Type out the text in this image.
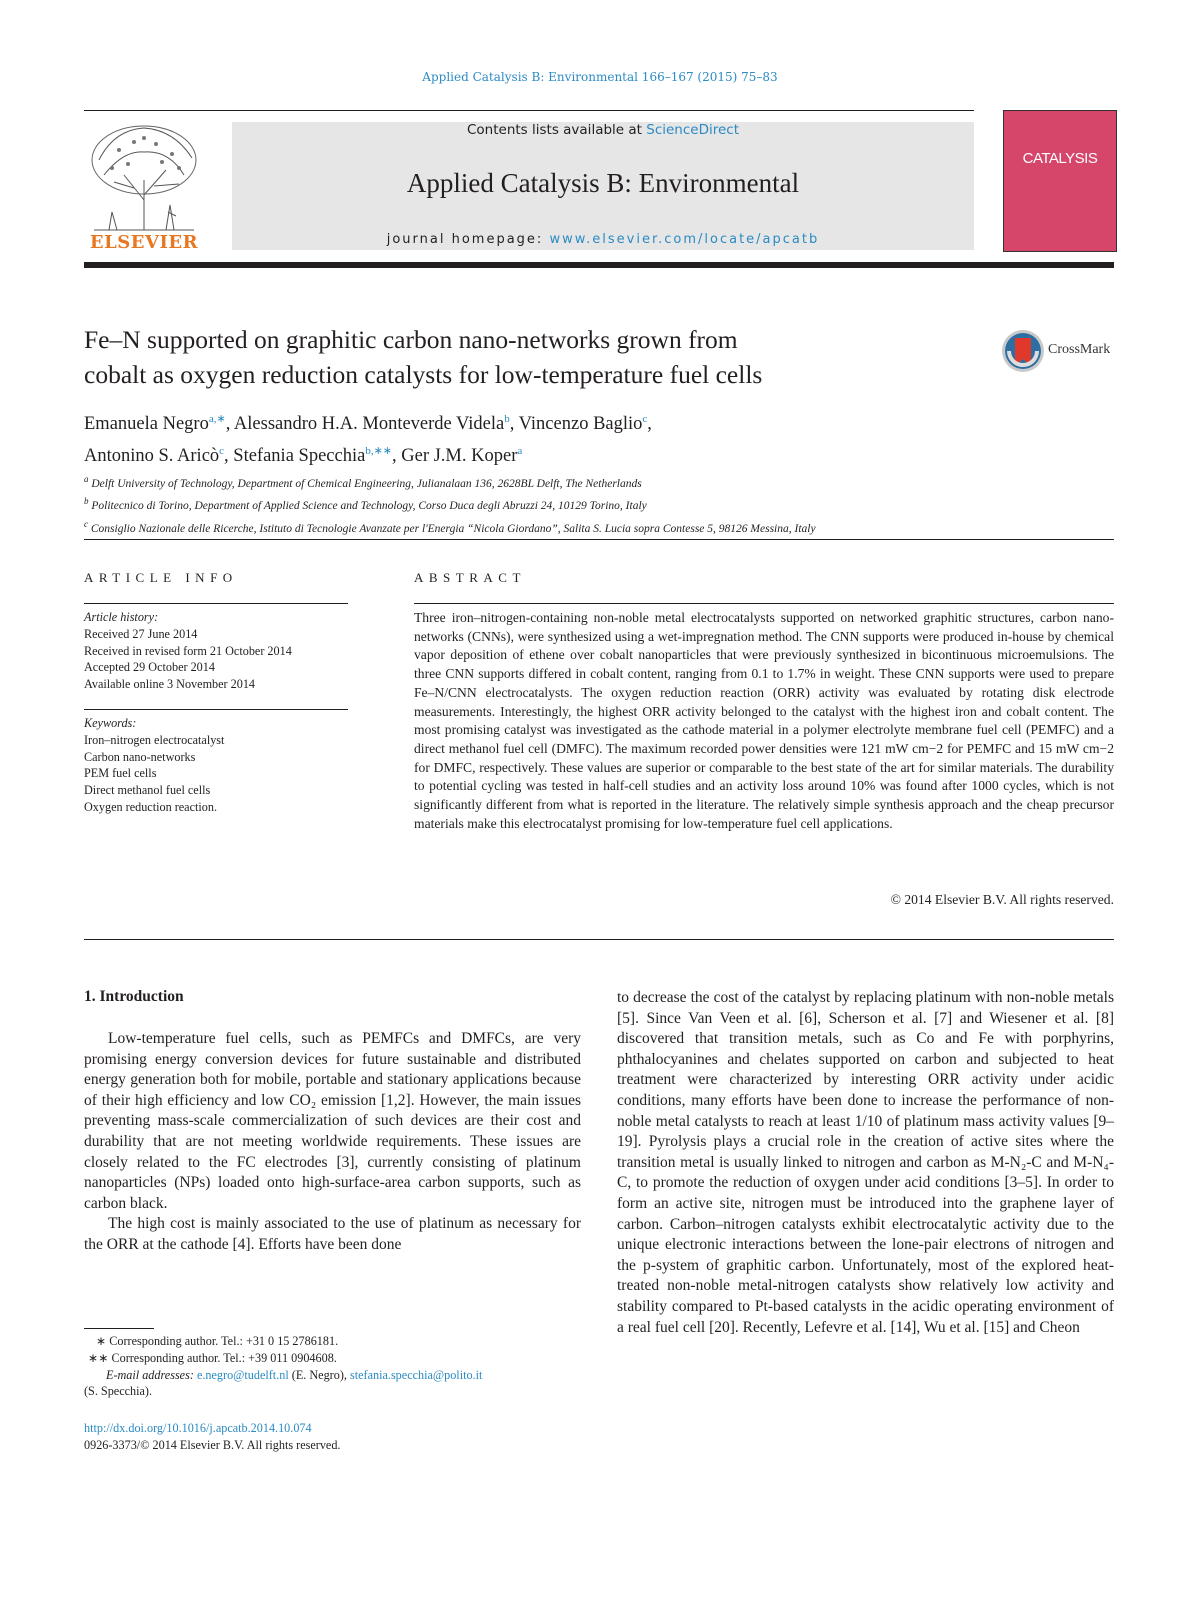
Applied Catalysis B: Environmental 166–167 (2015) 75–83
ELSEVIER
Contents lists available at ScienceDirect
Applied Catalysis B: Environmental
journal homepage: www.elsevier.com/locate/apcatb
CATALYSIS
Fe–N supported on graphitic carbon nano-networks grown from
cobalt as oxygen reduction catalysts for low-temperature fuel cells
CrossMark
Emanuela Negro$^{a,∗}$, Alessandro H.A. Monteverde Videla$^b$, Vincenzo Baglio$^c$,
Antonino S. Aricò$^c$, Stefania Specchia$^{b,∗∗}$, Ger J.M. Koper$^a$
$^a$ Delft University of Technology, Department of Chemical Engineering, Julianalaan 136, 2628BL Delft, The Netherlands
$^b$ Politecnico di Torino, Department of Applied Science and Technology, Corso Duca degli Abruzzi 24, 10129 Torino, Italy
$^c$ Consiglio Nazionale delle Ricerche, Istituto di Tecnologie Avanzate per l'Energia “Nicola Giordano”, Salita S. Lucia sopra Contesse 5, 98126 Messina, Italy
ARTICLE INFO	ABSTRACT
Article history:
Received 27 June 2014
Received in revised form 21 October 2014
Accepted 29 October 2014
Available online 3 November 2014
Keywords:
Iron–nitrogen electrocatalyst
Carbon nano-networks
PEM fuel cells
Direct methanol fuel cells
Oxygen reduction reaction.
Three iron–nitrogen-containing non-noble metal electrocatalysts supported on networked graphitic structures, carbon nano-networks (CNNs), were synthesized using a wet-impregnation method. The CNN supports were produced in-house by chemical vapor deposition of ethene over cobalt nanoparticles that were previously synthesized in bicontinuous microemulsions. The three CNN supports differed in cobalt content, ranging from 0.1 to 1.7% in weight. These CNN supports were used to prepare Fe–N/CNN electrocatalysts. The oxygen reduction reaction (ORR) activity was evaluated by rotating disk electrode measurements. Interestingly, the highest ORR activity belonged to the catalyst with the highest iron and cobalt content. The most promising catalyst was investigated as the cathode material in a polymer electrolyte membrane fuel cell (PEMFC) and a direct methanol fuel cell (DMFC). The maximum recorded power densities were 121 mW cm−2 for PEMFC and 15 mW cm−2 for DMFC, respectively. These values are superior or comparable to the best state of the art for similar materials. The durability to potential cycling was tested in half-cell studies and an activity loss around 10% was found after 1000 cycles, which is not significantly different from what is reported in the literature. The relatively simple synthesis approach and the cheap precursor materials make this electrocatalyst promising for low-temperature fuel cell applications.
© 2014 Elsevier B.V. All rights reserved.
1. Introduction

Low-temperature fuel cells, such as PEMFCs and DMFCs, are very promising energy conversion devices for future sustainable and distributed energy generation both for mobile, portable and stationary applications because of their high efficiency and low CO₂ emission [1,2]. However, the main issues preventing mass-scale commercialization of such devices are their cost and durability that are not meeting worldwide requirements. These issues are closely related to the FC electrodes [3], currently consisting of platinum nanoparticles (NPs) loaded onto high-surface-area carbon supports, such as carbon black.

The high cost is mainly associated to the use of platinum as necessary for the ORR at the cathode [4]. Efforts have been done

to decrease the cost of the catalyst by replacing platinum with non-noble metals [5]. Since Van Veen et al. [6], Scherson et al. [7] and Wiesener et al. [8] discovered that transition metals, such as Co and Fe with porphyrins, phthalocyanines and chelates supported on carbon and subjected to heat treatment were characterized by interesting ORR activity under acidic conditions, many efforts have been done to increase the performance of non-noble metal catalysts to reach at least 1/10 of platinum mass activity values [9–19]. Pyrolysis plays a crucial role in the creation of active sites where the transition metal is usually linked to nitrogen and carbon as M-N₂-C and M-N₄-C, to promote the reduction of oxygen under acid conditions [3–5]. In order to form an active site, nitrogen must be introduced into the graphene layer of carbon. Carbon–nitrogen catalysts exhibit electrocatalytic activity due to the unique electronic interactions between the lone-pair electrons of nitrogen and the p-system of graphitic carbon. Unfortunately, most of the explored heat-treated non-noble metal-nitrogen catalysts show relatively low activity and stability compared to Pt-based catalysts in the acidic operating environment of a real fuel cell [20]. Recently, Lefevre et al. [14], Wu et al. [15] and Cheon

∗ Corresponding author. Tel.: +31 0 15 2786181.
∗∗ Corresponding author. Tel.: +39 011 0904608.
E-mail addresses: e.negro@tudelft.nl (E. Negro), stefania.specchia@polito.it
(S. Specchia).
http://dx.doi.org/10.1016/j.apcatb.2014.10.074
0926-3373/© 2014 Elsevier B.V. All rights reserved.
